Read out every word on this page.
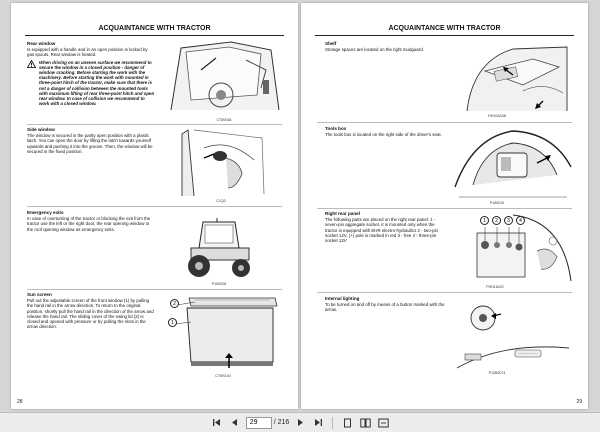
ACQUAINTANCE WITH TRACTOR
Rear window

Is equipped with a handle and in an open position is locked by gas spouts. Rear window is heated.

When driving on an uneven surface we recommend to secure the window in a closed position - danger of window cracking. Before starting the work with the machinery. Before starting the work with mounted in three-point hitch of the tractor, make sure that there is not a danger of collision between the mounted tools with maximum lifting of rear three-point hitch and open rear window. In case of collision we recommend to work with a closed window.

CT50038
Side window

The window is secured in the partly open position with a plastic latch. You can open the door by lifting the latch towards yourself upwards and pushing it into the groove. Then, the window will be secured in the fixed position.

C1Q3
Emergency exits

In case of overturning of the tractor or blocking the exit from the tractor use the left or the right door, the rear opening window or the roof opening window as emergency exits.

P160028
Sun screen

Pull out the adjustable screen of the front window (1) by pulling the hand rail in the arrow direction. To return to the original position, shortly pull the hand rail in the direction of the arrow and release the hand rail. The sliding cover of the swing lid (2) is closed and opened with pressure or by pulling the slots in the arrow direction.

2
1
CT6R140
28
ACQUAINTANCE WITH TRACTOR
Shelf

Storage spaces are located on the right mudguard.

RH10A038
Tools box

The tools box is located on the right side of the driver's seat.

P160010
Right rear panel

The following parts are placed on the right rear panel: 1 - seven-pin aggregate socket, it is mounted only when the tractor is equipped with EHR electro-hydraulics 2 - two-pin socket 12V, (+) pole is marked in red 3 - free 4 - three-pin socket 12V

1	2	3	4
PHD16022
Internal lighting

To be turned on and off by means of a button marked with the arrow.

P12B0074
29
29	/ 216
